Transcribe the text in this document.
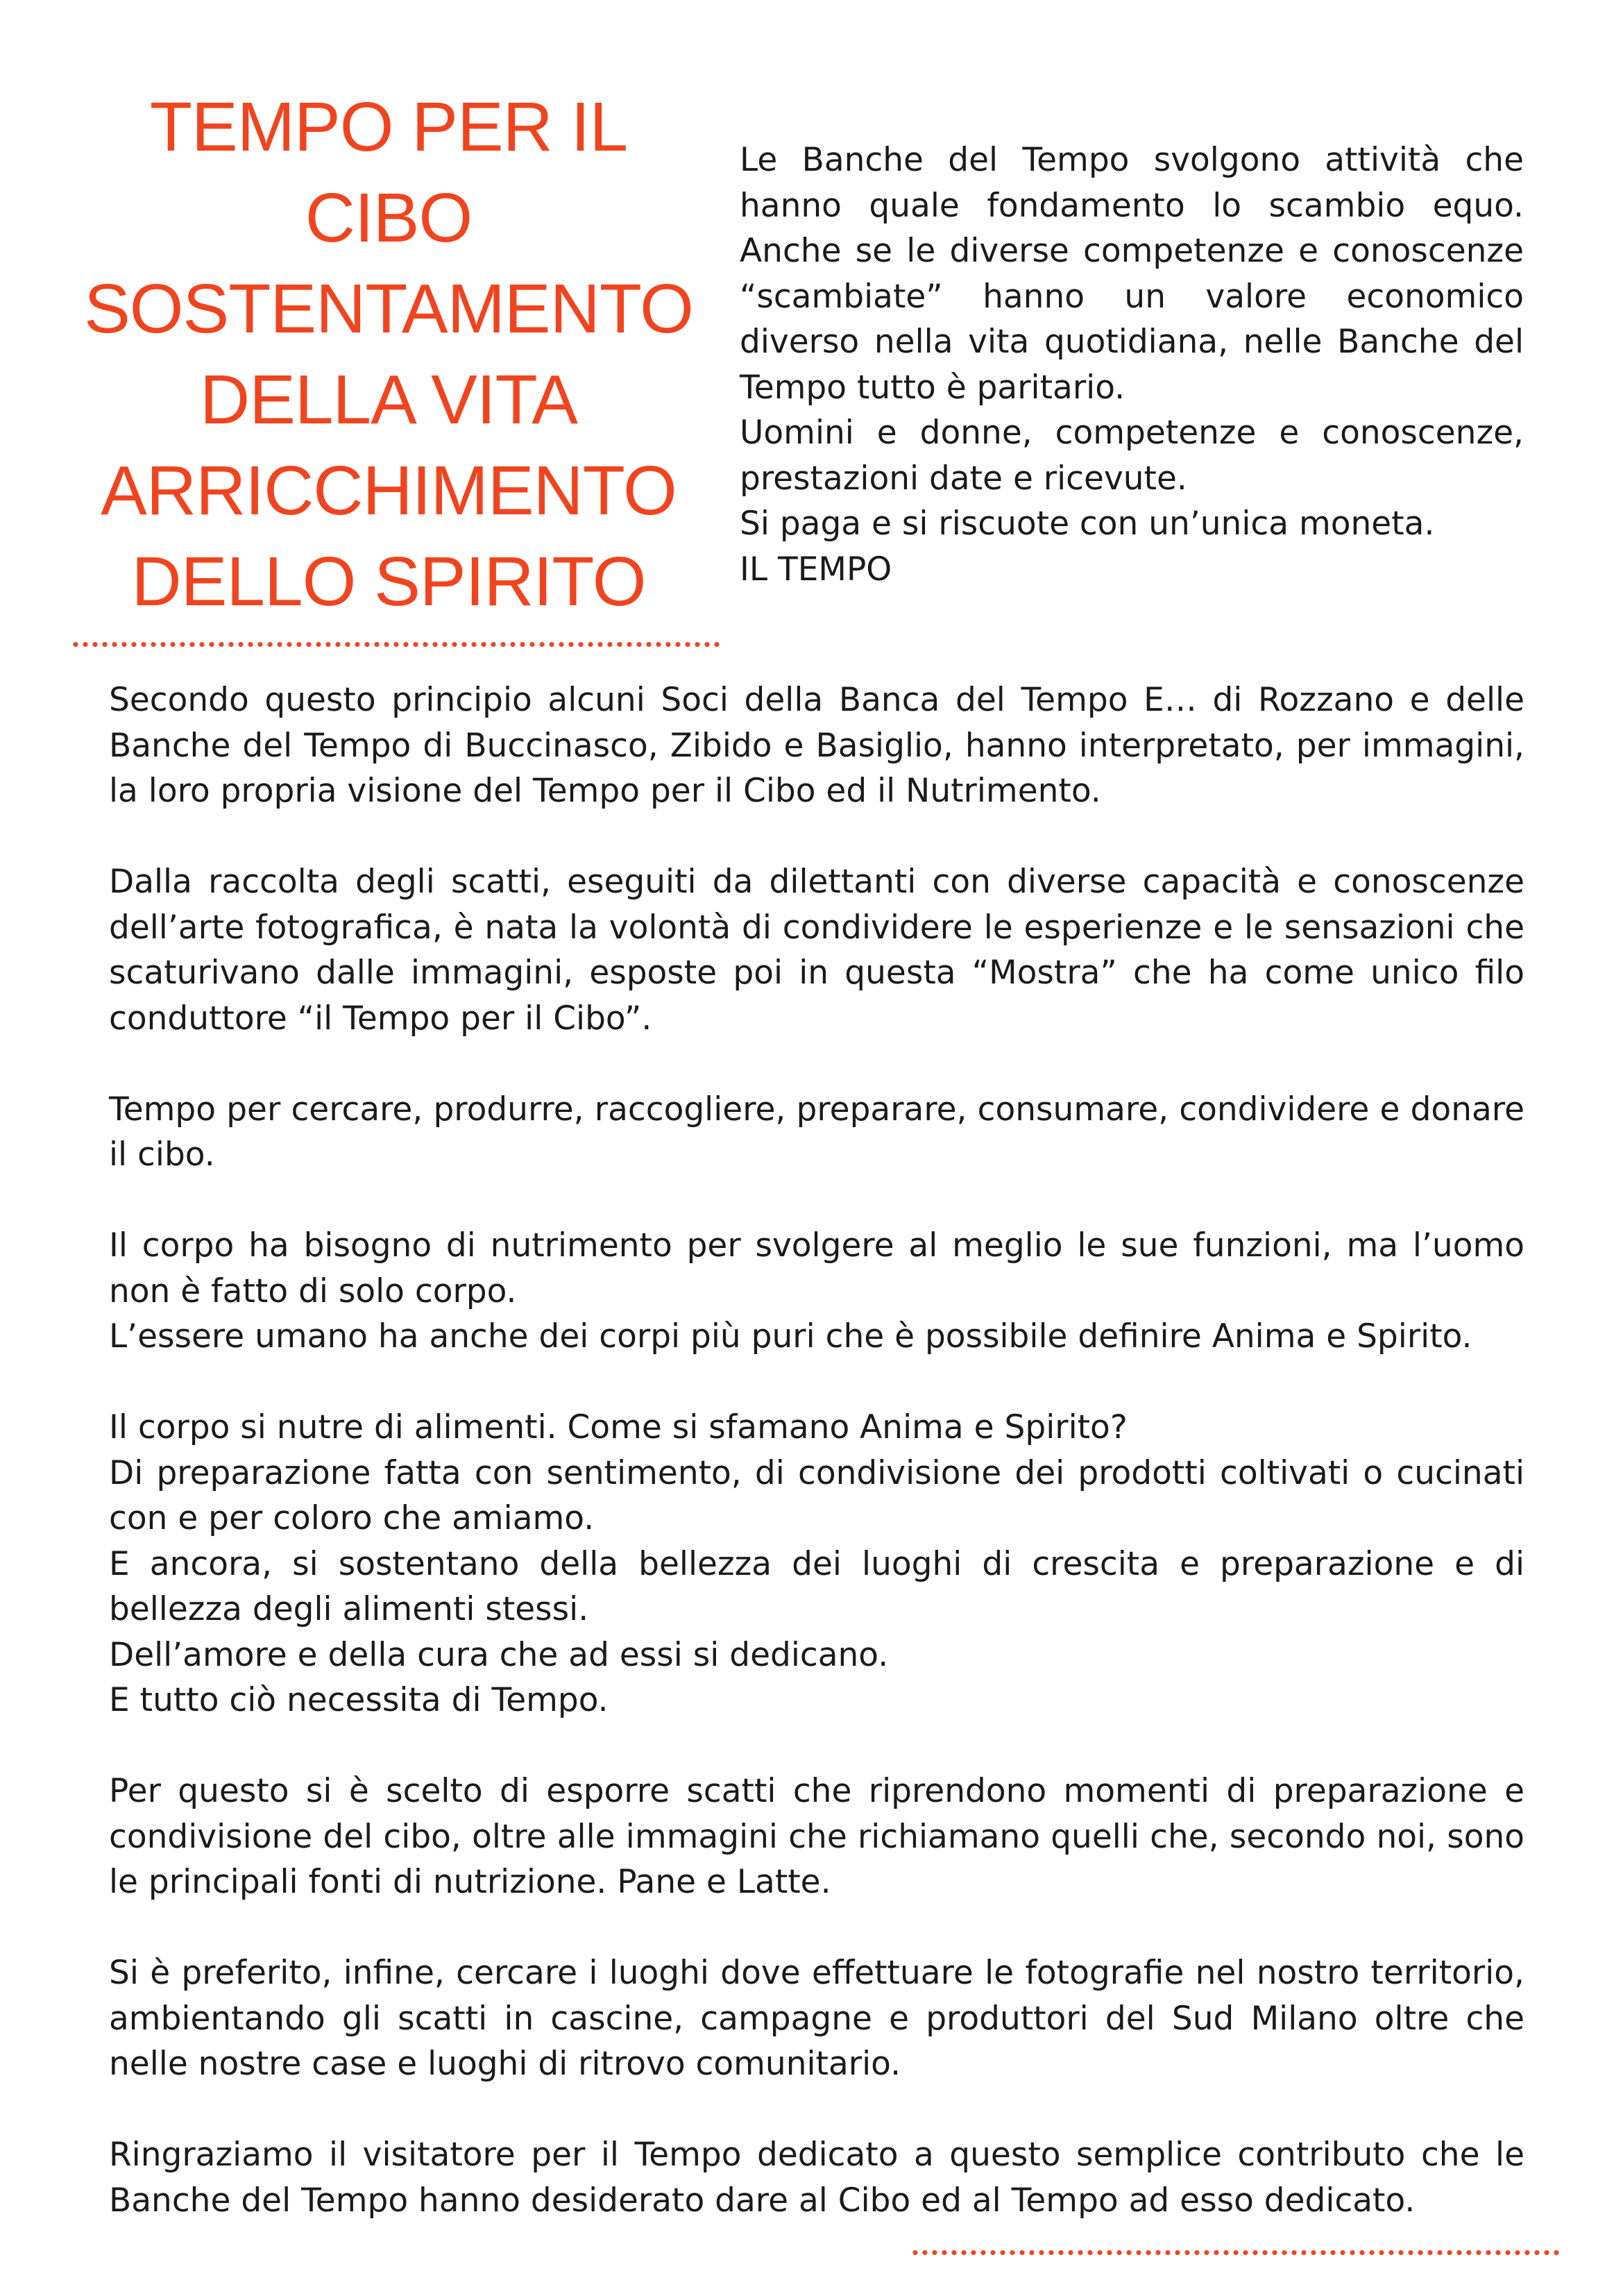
TEMPO PER IL
CIBO
SOSTENTAMENTO
DELLA VITA
ARRICCHIMENTO
DELLO SPIRITO

Le Banche del Tempo svolgono attività che hanno quale fondamento lo scambio equo. Anche se le diverse competenze e conoscenze “scambiate” hanno un valore economico diverso nella vita quotidiana, nelle Banche del Tempo tutto è paritario.

Uomini e donne, competenze e conoscenze, prestazioni date e ricevute.

Si paga e si riscuote con un’unica moneta.

IL TEMPO

Secondo questo principio alcuni Soci della Banca del Tempo E… di Rozzano e delle Banche del Tempo di Buccinasco, Zibido e Basiglio, hanno interpretato, per immagini, la loro propria visione del Tempo per il Cibo ed il Nutrimento.

Dalla raccolta degli scatti, eseguiti da dilettanti con diverse capacità e conoscenze dell’arte fotografica, è nata la volontà di condividere le esperienze e le sensazioni che scaturivano dalle immagini, esposte poi in questa “Mostra” che ha come unico filo conduttore “il Tempo per il Cibo”.

Tempo per cercare, produrre, raccogliere, preparare, consumare, condividere e donare il cibo.

Il corpo ha bisogno di nutrimento per svolgere al meglio le sue funzioni, ma l’uomo non è fatto di solo corpo.
L’essere umano ha anche dei corpi più puri che è possibile definire Anima e Spirito.

Il corpo si nutre di alimenti. Come si sfamano Anima e Spirito?
Di preparazione fatta con sentimento, di condivisione dei prodotti coltivati o cucinati con e per coloro che amiamo.
E ancora, si sostentano della bellezza dei luoghi di crescita e preparazione e di bellezza degli alimenti stessi.
Dell’amore e della cura che ad essi si dedicano.
E tutto ciò necessita di Tempo.

Per questo si è scelto di esporre scatti che riprendono momenti di preparazione e condivisione del cibo, oltre alle immagini che richiamano quelli che, secondo noi, sono le principali fonti di nutrizione. Pane e Latte.

Si è preferito, infine, cercare i luoghi dove effettuare le fotografie nel nostro territorio, ambientando gli scatti in cascine, campagne e produttori del Sud Milano oltre che nelle nostre case e luoghi di ritrovo comunitario.

Ringraziamo il visitatore per il Tempo dedicato a questo semplice contributo che le Banche del Tempo hanno desiderato dare al Cibo ed al Tempo ad esso dedicato.
